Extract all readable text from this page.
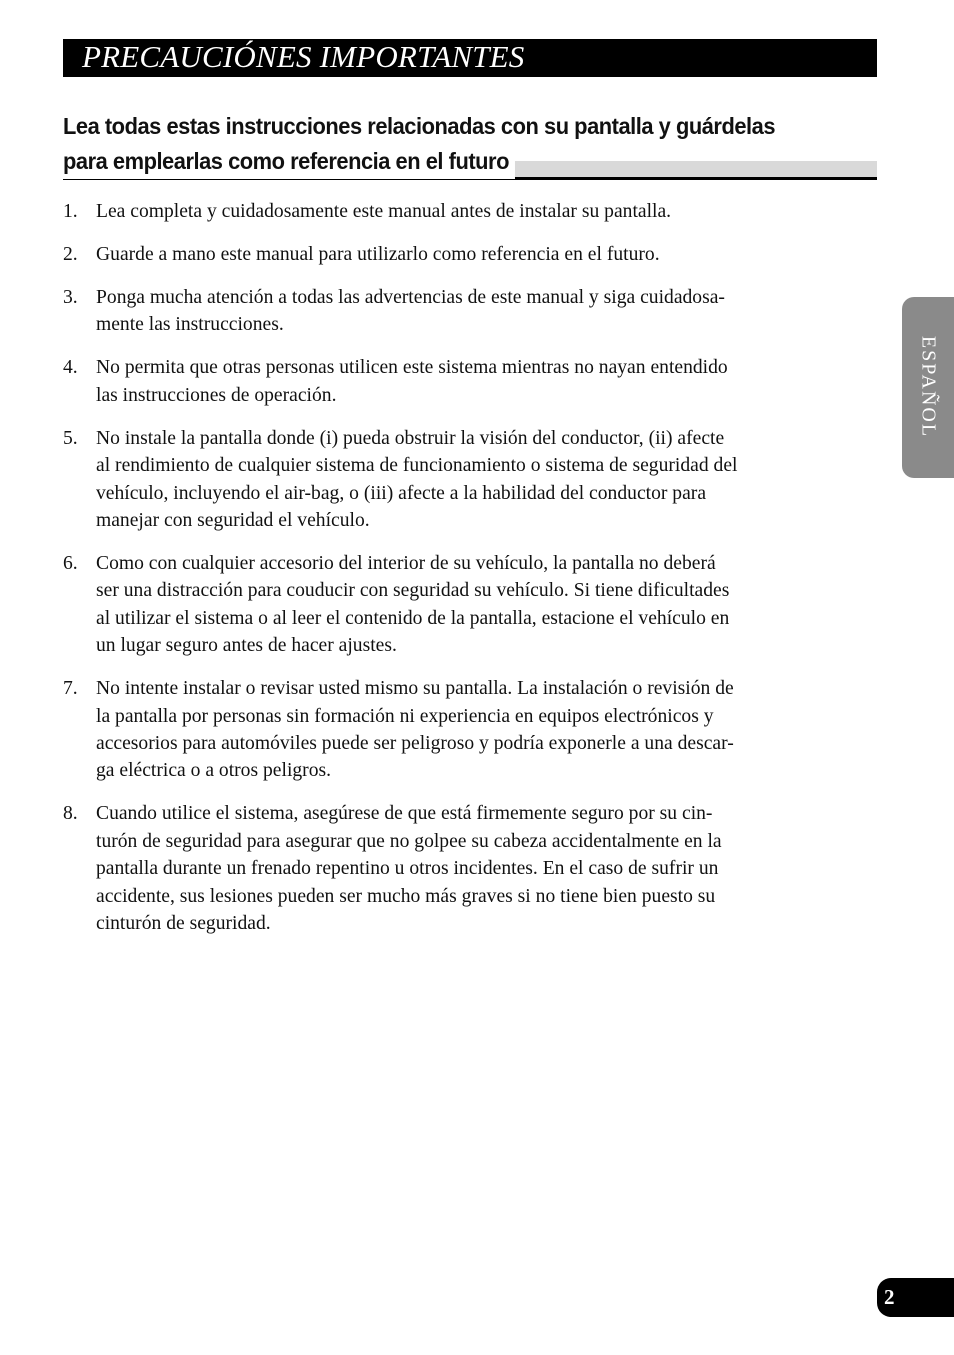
PRECAUCIÓNES IMPORTANTES
Lea todas estas instrucciones relacionadas con su pantalla y guárdelas
para emplearlas como referencia en el futuro
1. Lea completa y cuidadosamente este manual antes de instalar su pantalla.
2. Guarde a mano este manual para utilizarlo como referencia en el futuro.
3. Ponga mucha atención a todas las advertencias de este manual y siga cuidadosa-
mente las instrucciones.
4. No permita que otras personas utilicen este sistema mientras no nayan entendido
las instrucciones de operación.
5. No instale la pantalla donde (i) pueda obstruir la visión del conductor, (ii) afecte
al rendimiento de cualquier sistema de funcionamiento o sistema de seguridad del
vehículo, incluyendo el air-bag, o (iii) afecte a la habilidad del conductor para
manejar con seguridad el vehículo.
6. Como con cualquier accesorio del interior de su vehículo, la pantalla no deberá
ser una distracción para couducir con seguridad su vehículo. Si tiene dificultades
al utilizar el sistema o al leer el contenido de la pantalla, estacione el vehículo en
un lugar seguro antes de hacer ajustes.
7. No intente instalar o revisar usted mismo su pantalla. La instalación o revisión de
la pantalla por personas sin formación ni experiencia en equipos electrónicos y
accesorios para automóviles puede ser peligroso y podría exponerle a una descar-
ga eléctrica o a otros peligros.
8. Cuando utilice el sistema, asegúrese de que está firmemente seguro por su cin-
turón de seguridad para asegurar que no golpee su cabeza accidentalmente en la
pantalla durante un frenado repentino u otros incidentes. En el caso de sufrir un
accidente, sus lesiones pueden ser mucho más graves si no tiene bien puesto su
cinturón de seguridad.
ESPAÑOL
2
